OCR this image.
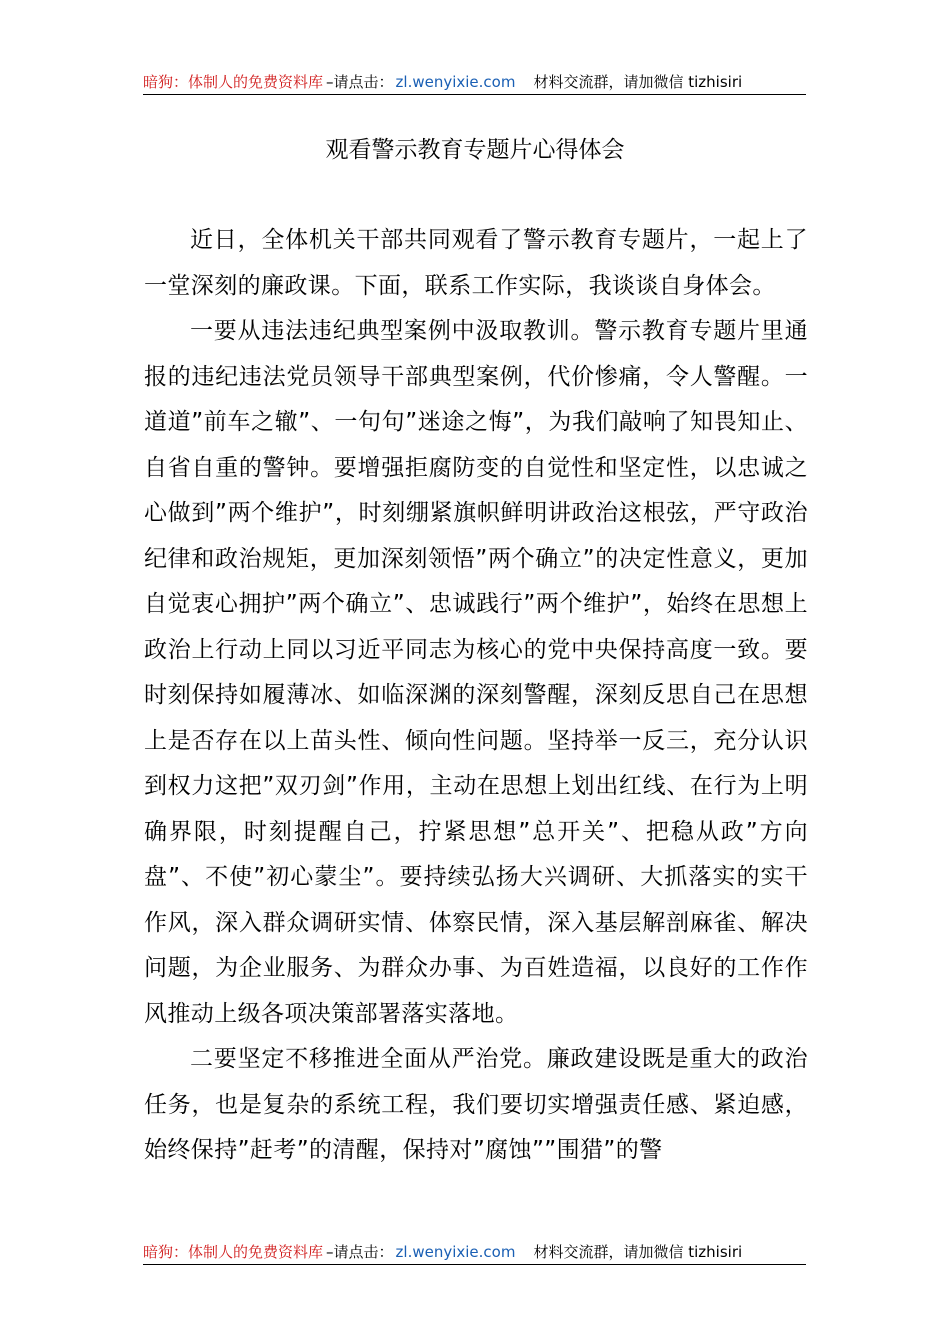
暗狗：体制人的免费资料库 –请点击： zl.wenyixie.com 材料交流群，请加微信 tizhisiri
观看警示教育专题片心得体会

近日，全体机关干部共同观看了警示教育专题片，一起上了一堂深刻的廉政课。下面，联系工作实际，我谈谈自身体会。

一要从违法违纪典型案例中汲取教训。警示教育专题片里通报的违纪违法党员领导干部典型案例，代价惨痛，令人警醒。一道道”前车之辙”、一句句”迷途之悔”，为我们敲响了知畏知止、自省自重的警钟。要增强拒腐防变的自觉性和坚定性，以忠诚之心做到”两个维护”，时刻绷紧旗帜鲜明讲政治这根弦，严守政治纪律和政治规矩，更加深刻领悟”两个确立”的决定性意义，更加自觉衷心拥护”两个确立”、忠诚践行”两个维护”，始终在思想上政治上行动上同以习近平同志为核心的党中央保持高度一致。要时刻保持如履薄冰、如临深渊的深刻警醒，深刻反思自己在思想上是否存在以上苗头性、倾向性问题。坚持举一反三，充分认识到权力这把”双刃剑”作用，主动在思想上划出红线、在行为上明确界限，时刻提醒自己，拧紧思想”总开关”、把稳从政”方向盘”、不使”初心蒙尘”。要持续弘扬大兴调研、大抓落实的实干作风，深入群众调研实情、体察民情，深入基层解剖麻雀、解决问题，为企业服务、为群众办事、为百姓造福，以良好的工作作风推动上级各项决策部署落实落地。

二要坚定不移推进全面从严治党。廉政建设既是重大的政治任务，也是复杂的系统工程，我们要切实增强责任感、紧迫感，始终保持”赶考”的清醒，保持对”腐蚀””围猎”的警

暗狗：体制人的免费资料库 –请点击： zl.wenyixie.com 材料交流群，请加微信 tizhisiri
